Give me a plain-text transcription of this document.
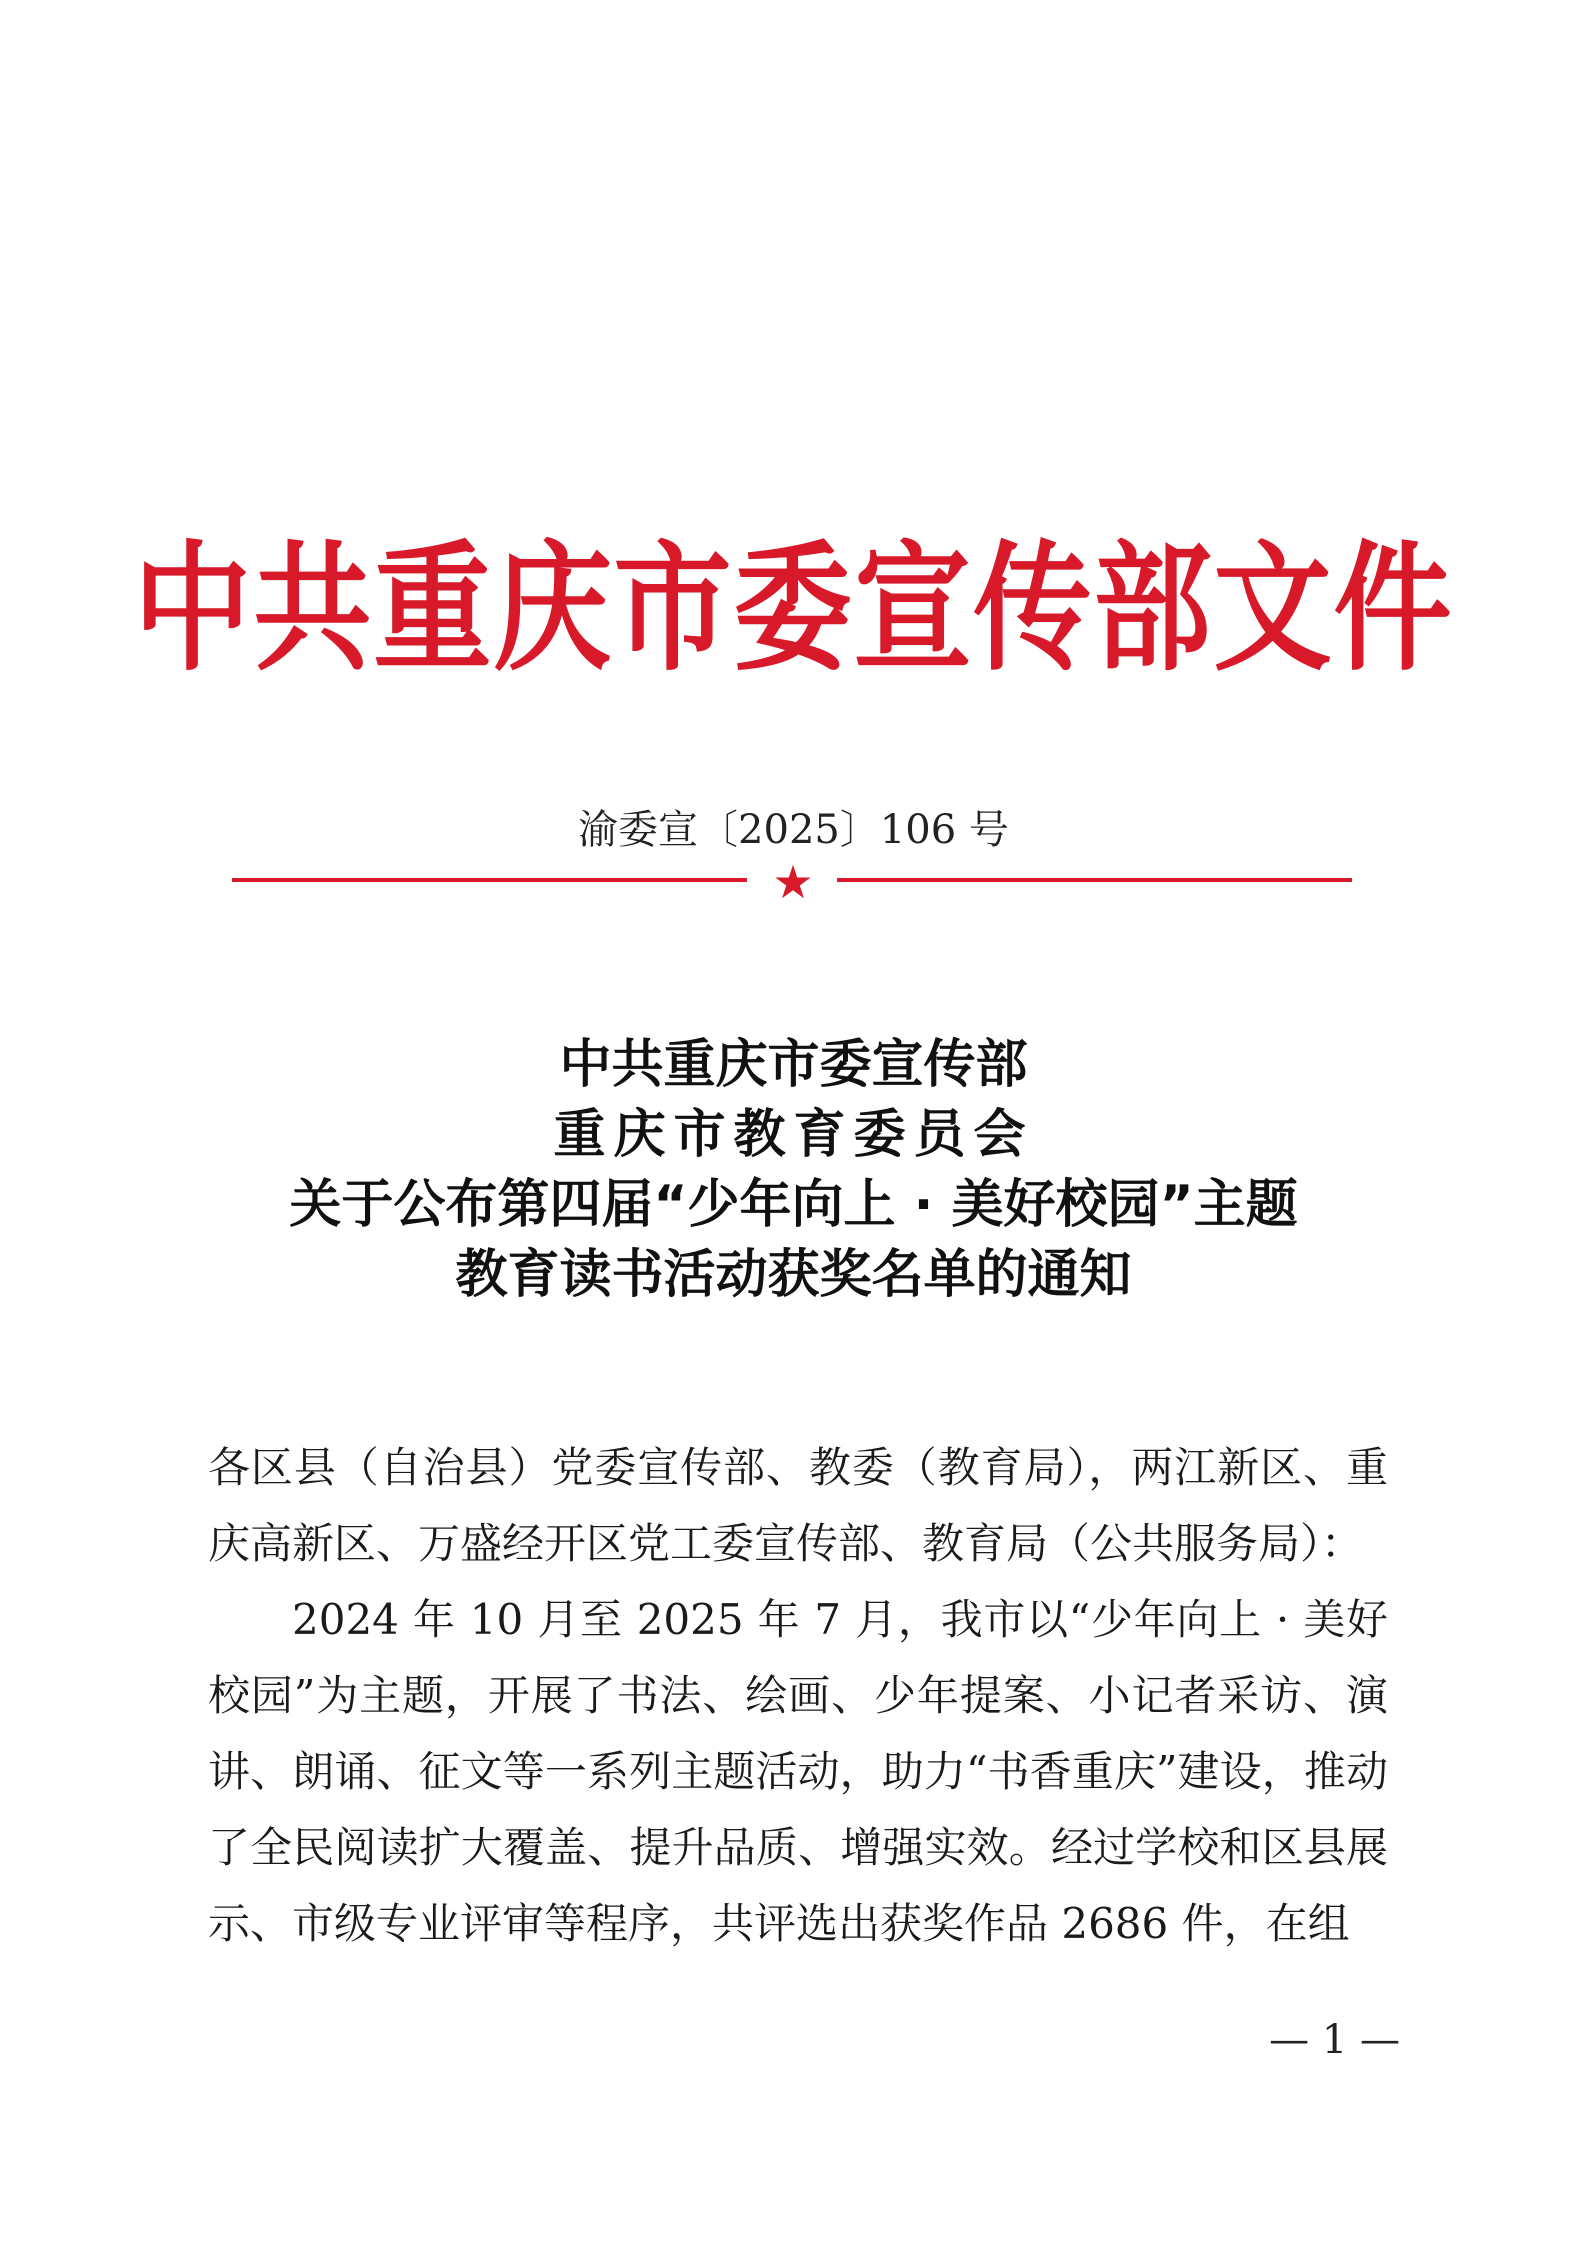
中共重庆市委宣传部文件
渝委宣〔2025〕106 号
★
中共重庆市委宣传部
重庆市教育委员会
关于公布第四届“少年向上 · 美好校园”主题
教育读书活动获奖名单的通知

各区县（自治县）党委宣传部、教委（教育局），两江新区、重庆高新区、万盛经开区党工委宣传部、教育局（公共服务局）：

2024 年 10 月至 2025 年 7 月，我市以“少年向上 · 美好校园”为主题，开展了书法、绘画、少年提案、小记者采访、演讲、朗诵、征文等一系列主题活动，助力“书香重庆”建设，推动了全民阅读扩大覆盖、提升品质、增强实效。经过学校和区县展示、市级专业评审等程序，共评选出获奖作品 2686 件，在组

— 1 —
